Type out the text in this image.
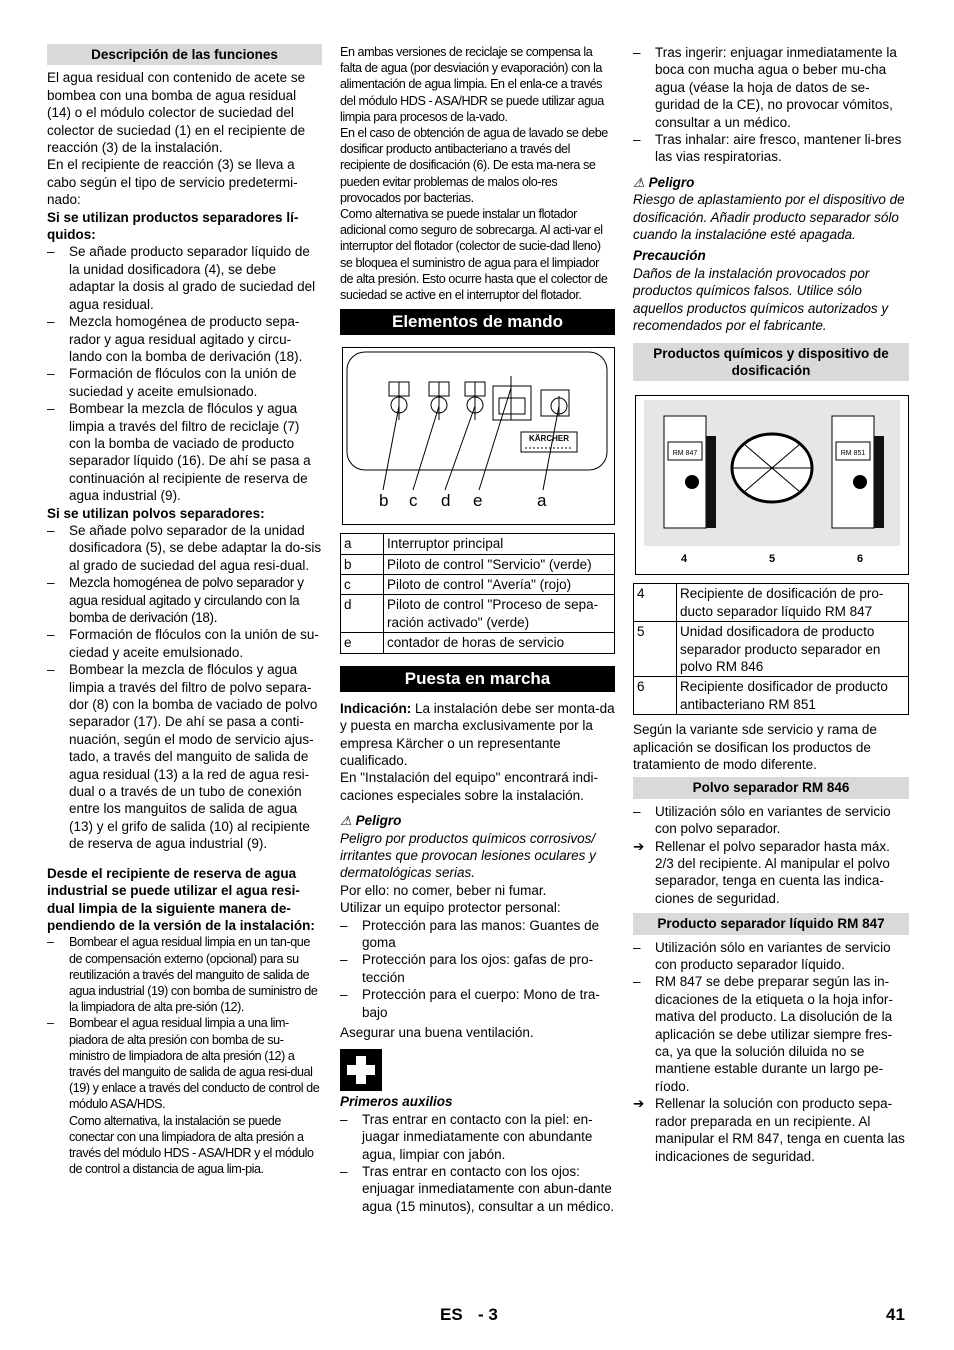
Descripción de las funciones

El agua residual con contenido de acete se bombea con una bomba de agua residual (14) o el módulo colector de suciedad del colector de suciedad (1) en el recipiente de reacción (3) de la instalación.

En el recipiente de reacción (3) se lleva a cabo según el tipo de servicio predetermi-nado:

Si se utilizan productos separadores lí-quidos:

– Se añade producto separador líquido de la unidad dosificadora (4), se debe adaptar la dosis al grado de suciedad del agua residual.
– Mezcla homogénea de producto sepa-rador y agua residual agitado y circu-lando con la bomba de derivación (18).
– Formación de flóculos con la unión de suciedad y aceite emulsionado.
– Bombear la mezcla de flóculos y agua limpia a través del filtro de reciclaje (7) con la bomba de vaciado de producto separador líquido (16). De ahí se pasa a continuación al recipiente de reserva de agua industrial (9).

Si se utilizan polvos separadores:

– Se añade polvo separador de la unidad dosificadora (5), se debe adaptar la do-sis al grado de suciedad del agua resi-dual.
– Mezcla homogénea de polvo separador y agua residual agitado y circulando con la bomba de derivación (18).
– Formación de flóculos con la unión de su-ciedad y aceite emulsionado.
– Bombear la mezcla de flóculos y agua limpia a través del filtro de polvo separa-dor (8) con la bomba de vaciado de polvo separador (17). De ahí se pasa a conti-nuación, según el modo de servicio ajus-tado, a través del manguito de salida de agua residual (13) a la red de agua resi-dual o a través de un tubo de conexión entre los manguitos de salida de agua (13) y el grifo de salida (10) al recipiente de reserva de agua industrial (9).

Desde el recipiente de reserva de agua industrial se puede utilizar el agua resi-dual limpia de la siguiente manera de-pendiendo de la versión de la instalación:

– Bombear el agua residual limpia en un tan-que de compensación externo (opcional) para su reutilización a través del manguito de salida de agua industrial (19) con bomba de suministro de la limpiadora de alta pre-sión (12).
– Bombear el agua residual limpia a una lim-piadora de alta presión con bomba de su-ministro de limpiadora de alta presión (12) a través del manguito de salida de agua resi-dual (19) y enlace a través del conducto de control de módulo ASA/HDS.

Como alternativa, la instalación se puede conectar con una limpiadora de alta presión a través del módulo HDS - ASA/HDR y el módulo de control a distancia de agua lim-pia.

En ambas versiones de reciclaje se compensa la falta de agua (por desviación y evaporación) con la alimentación de agua limpia. En el enla-ce a través del módulo HDS - ASA/HDR se puede utilizar agua limpia para procesos de la-vado.

En el caso de obtención de agua de lavado se debe dosificar producto antibacteriano a través del recipiente de dosificación (6). De esta ma-nera se pueden evitar problemas de malos olo-res provocados por bacterias.

Como alternativa se puede instalar un flotador adicional como seguro de sobrecarga. Al acti-var el interruptor del flotador (colector de sucie-dad lleno) se bloquea el suministro de agua para el limpiador de alta presión. Esto ocurre hasta que el colector de suciedad se active en el interruptor del flotador.

Elementos de mando
KÄRCHER
b c d e	a
a	Interruptor principal
b	Piloto de control "Servicio" (verde)
c	Piloto de control "Avería" (rojo)
d	Piloto de control "Proceso de sepa-ración activado" (verde)
e	contador de horas de servicio
Puesta en marcha

Indicación: La instalación debe ser monta-da y puesta en marcha exclusivamente por la empresa Kärcher o un representante cualificado.

En "Instalación del equipo" encontrará indi-caciones especiales sobre la instalación.

⚠ Peligro

Peligro por productos químicos corrosivos/ irritantes que provocan lesiones oculares y dermatológicas serias.

Por ello: no comer, beber ni fumar.

Utilizar un equipo protector personal:

– Protección para las manos: Guantes de goma
– Protección para los ojos: gafas de pro-tección
– Protección para el cuerpo: Mono de tra-bajo

Asegurar una buena ventilación.

Primeros auxilios

– Tras entrar en contacto con la piel: en-juagar inmediatamente con abundante agua, limpiar con jabón.
– Tras entrar en contacto con los ojos: enjuagar inmediatamente con abun-dante agua (15 minutos), consultar a un médico.
– Tras ingerir: enjuagar inmediatamente la boca con mucha agua o beber mu-cha agua (véase la hoja de datos de se-guridad de la CE), no provocar vómitos, consultar a un médico.
– Tras inhalar: aire fresco, mantener li-bres las vias respiratorias.

⚠ Peligro

Riesgo de aplastamiento por el dispositivo de dosificación. Añadir producto separador sólo cuando la instalacióne esté apagada.

Precaución

Daños de la instalación provocados por productos químicos falsos. Utilice sólo aquellos productos químicos autorizados y recomendados por el fabricante.

Productos químicos y dispositivo de dosificación
RM 847	RM 851
4	5	6
4	Recipiente de dosificación de pro-ducto separador líquido RM 847
5	Unidad dosificadora de producto separador producto separador en polvo RM 846
6	Recipiente dosificador de producto antibacteriano RM 851

Según la variante sde servicio y rama de aplicación se dosifican los productos de tratamiento de modo diferente.

Polvo separador RM 846
– Utilización sólo en variantes de servicio con polvo separador.
➔ Rellenar el polvo separador hasta máx. 2/3 del recipiente. Al manipular el polvo separador, tenga en cuenta las indica-ciones de seguridad.
Producto separador líquido RM 847
– Utilización sólo en variantes de servicio con producto separador líquido.
– RM 847 se debe preparar según las in-dicaciones de la etiqueta o la hoja infor-mativa del producto. La disolución de la aplicación se debe utilizar siempre fres-ca, ya que la solución diluida no se mantiene estable durante un largo pe-ríodo.
➔ Rellenar la solución con producto sepa-rador preparada en un recipiente. Al manipular el RM 847, tenga en cuenta las indicaciones de seguridad.
ES - 3	41
